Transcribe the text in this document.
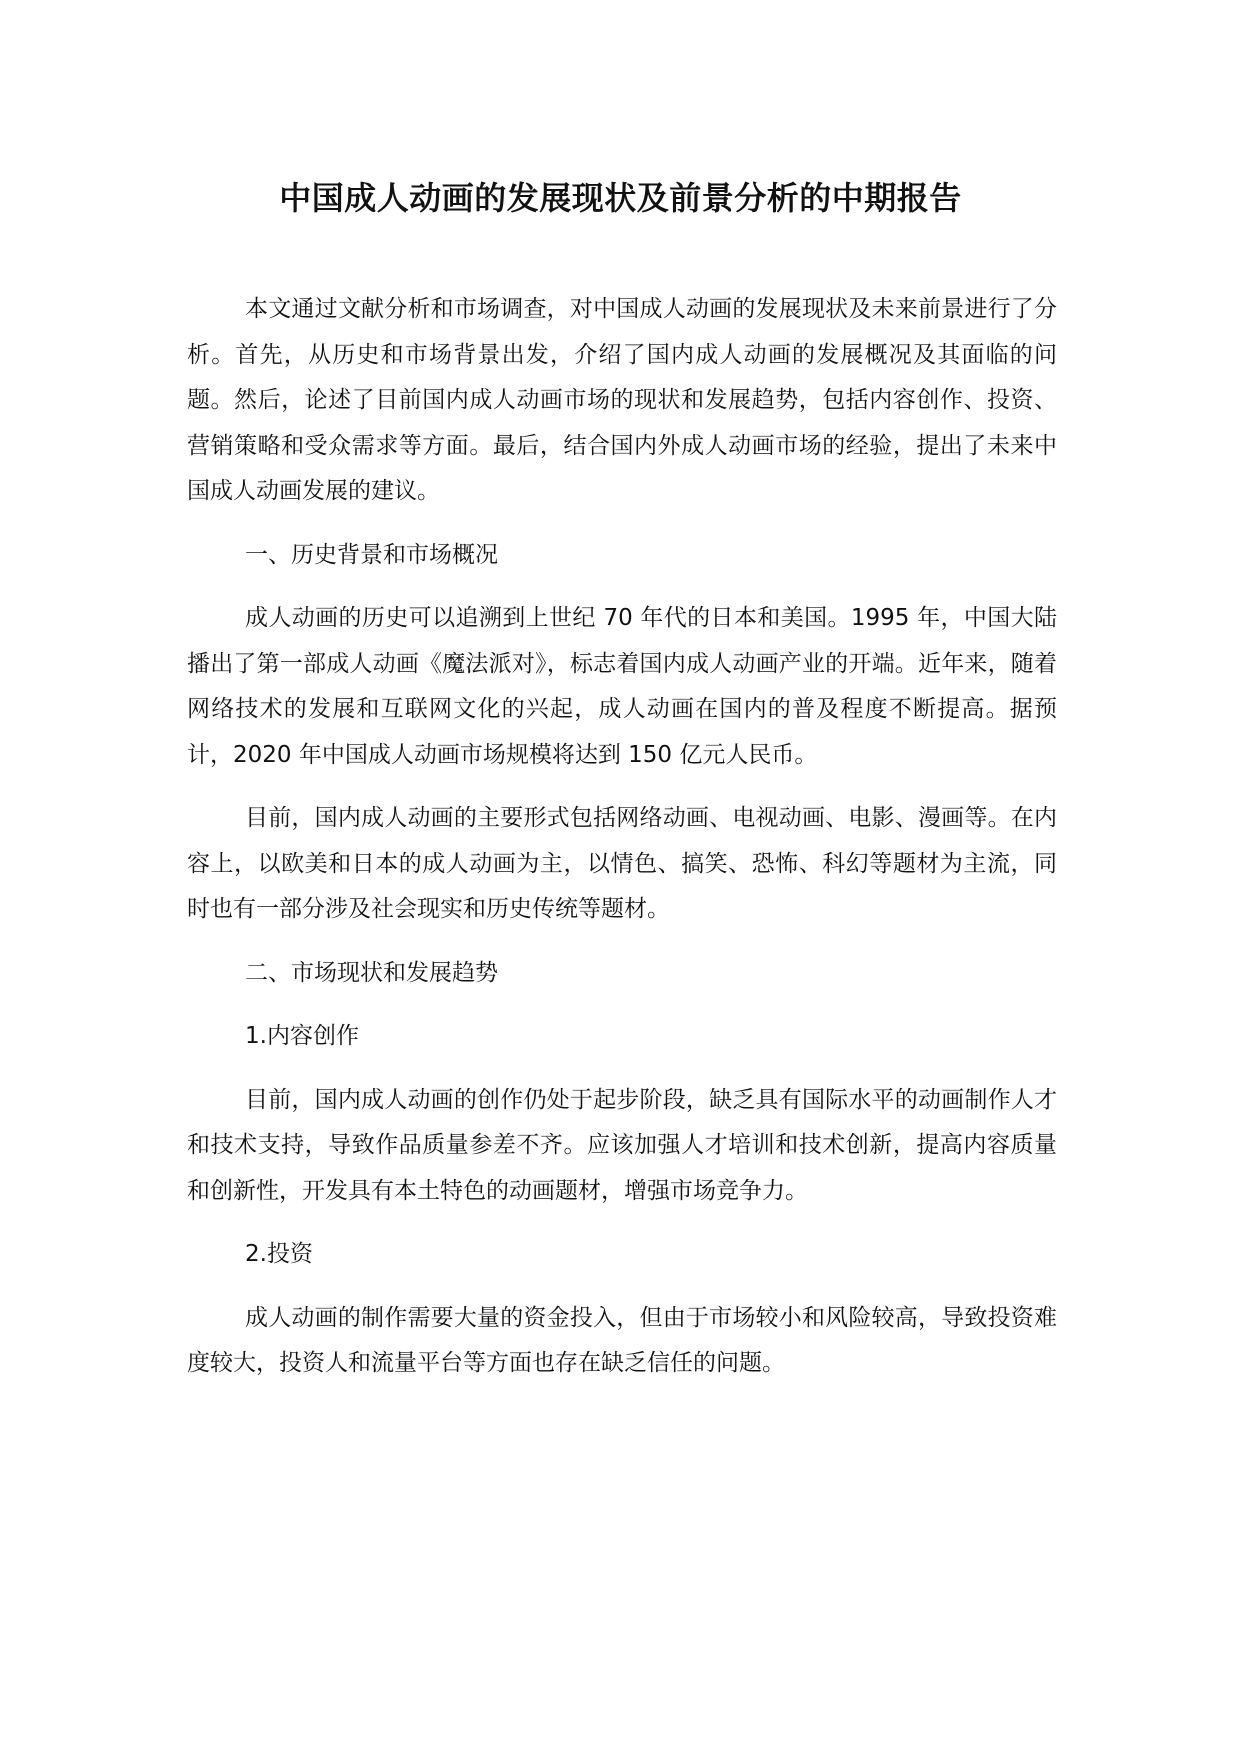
中国成人动画的发展现状及前景分析的中期报告

本文通过文献分析和市场调查，对中国成人动画的发展现状及未来前景进行了分析。首先，从历史和市场背景出发，介绍了国内成人动画的发展概况及其面临的问题。然后，论述了目前国内成人动画市场的现状和发展趋势，包括内容创作、投资、营销策略和受众需求等方面。最后，结合国内外成人动画市场的经验，提出了未来中国成人动画发展的建议。

一、历史背景和市场概况

成人动画的历史可以追溯到上世纪 70 年代的日本和美国。1995 年，中国大陆播出了第一部成人动画《魔法派对》，标志着国内成人动画产业的开端。近年来，随着网络技术的发展和互联网文化的兴起，成人动画在国内的普及程度不断提高。据预计，2020 年中国成人动画市场规模将达到 150 亿元人民币。

目前，国内成人动画的主要形式包括网络动画、电视动画、电影、漫画等。在内容上，以欧美和日本的成人动画为主，以情色、搞笑、恐怖、科幻等题材为主流，同时也有一部分涉及社会现实和历史传统等题材。

二、市场现状和发展趋势

1.内容创作

目前，国内成人动画的创作仍处于起步阶段，缺乏具有国际水平的动画制作人才和技术支持，导致作品质量参差不齐。应该加强人才培训和技术创新，提高内容质量和创新性，开发具有本土特色的动画题材，增强市场竞争力。

2.投资

成人动画的制作需要大量的资金投入，但由于市场较小和风险较高，导致投资难度较大，投资人和流量平台等方面也存在缺乏信任的问题。
